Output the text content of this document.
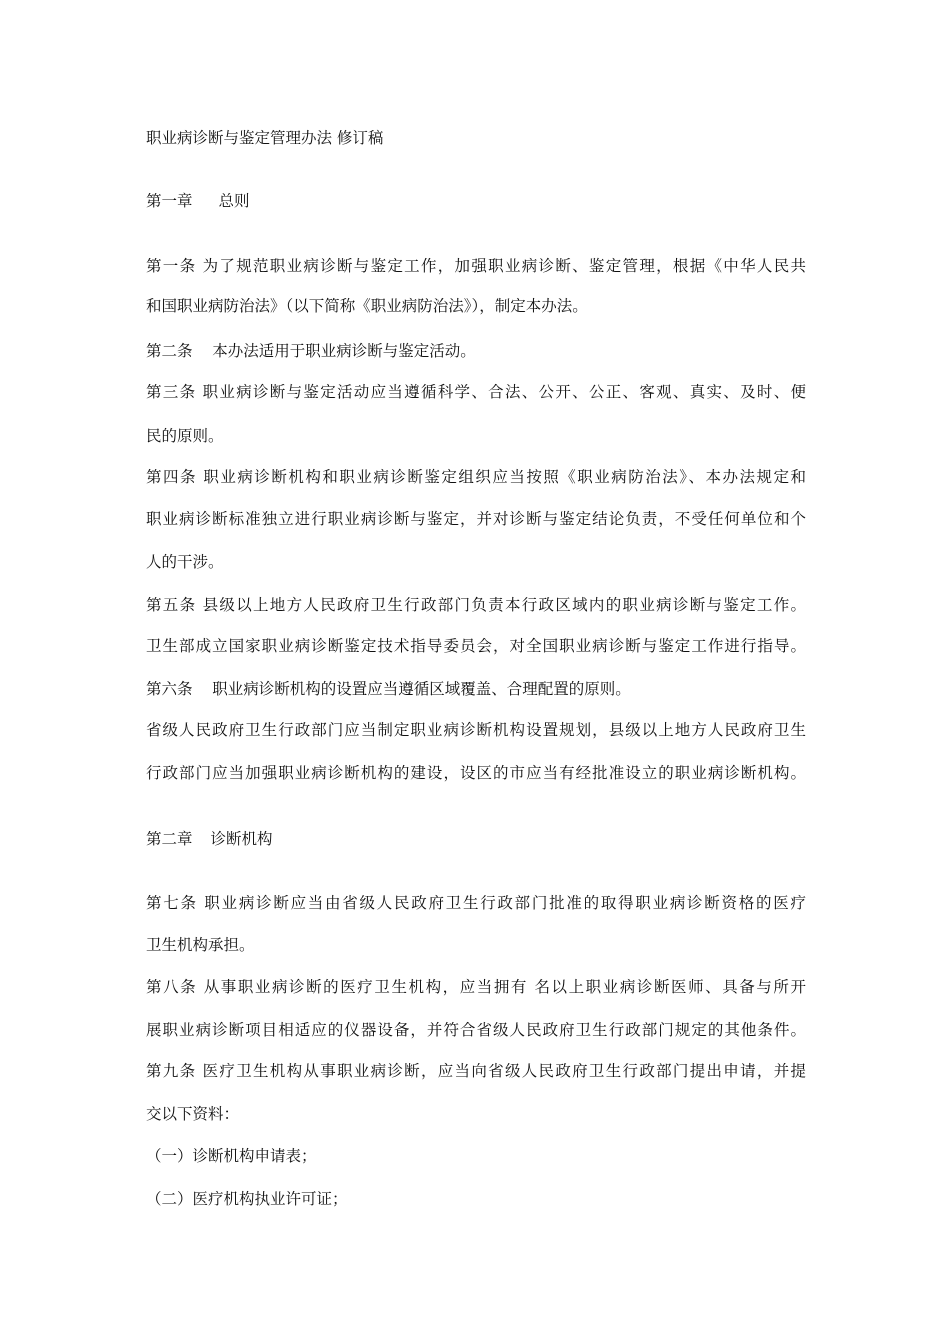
职业病诊断与鉴定管理办法 修订稿

第一章 总则

第一条 为了规范职业病诊断与鉴定工作，加强职业病诊断、鉴定管理，根据《中华人民共

和国职业病防治法》（以下简称《职业病防治法》），制定本办法。

第二条    本办法适用于职业病诊断与鉴定活动。

第三条 职业病诊断与鉴定活动应当遵循科学、合法、公开、公正、客观、真实、及时、便

民的原则。

第四条 职业病诊断机构和职业病诊断鉴定组织应当按照《职业病防治法》、本办法规定和

职业病诊断标准独立进行职业病诊断与鉴定，并对诊断与鉴定结论负责，不受任何单位和个

人的干涉。

第五条 县级以上地方人民政府卫生行政部门负责本行政区域内的职业病诊断与鉴定工作。

卫生部成立国家职业病诊断鉴定技术指导委员会，对全国职业病诊断与鉴定工作进行指导。

第六条    职业病诊断机构的设置应当遵循区域覆盖、合理配置的原则。

省级人民政府卫生行政部门应当制定职业病诊断机构设置规划，县级以上地方人民政府卫生

行政部门应当加强职业病诊断机构的建设，设区的市应当有经批准设立的职业病诊断机构。

第二章 诊断机构

第七条 职业病诊断应当由省级人民政府卫生行政部门批准的取得职业病诊断资格的医疗

卫生机构承担。

第八条 从事职业病诊断的医疗卫生机构，应当拥有 名以上职业病诊断医师、具备与所开

展职业病诊断项目相适应的仪器设备，并符合省级人民政府卫生行政部门规定的其他条件。

第九条 医疗卫生机构从事职业病诊断，应当向省级人民政府卫生行政部门提出申请，并提

交以下资料：

（一）诊断机构申请表；

（二）医疗机构执业许可证；
